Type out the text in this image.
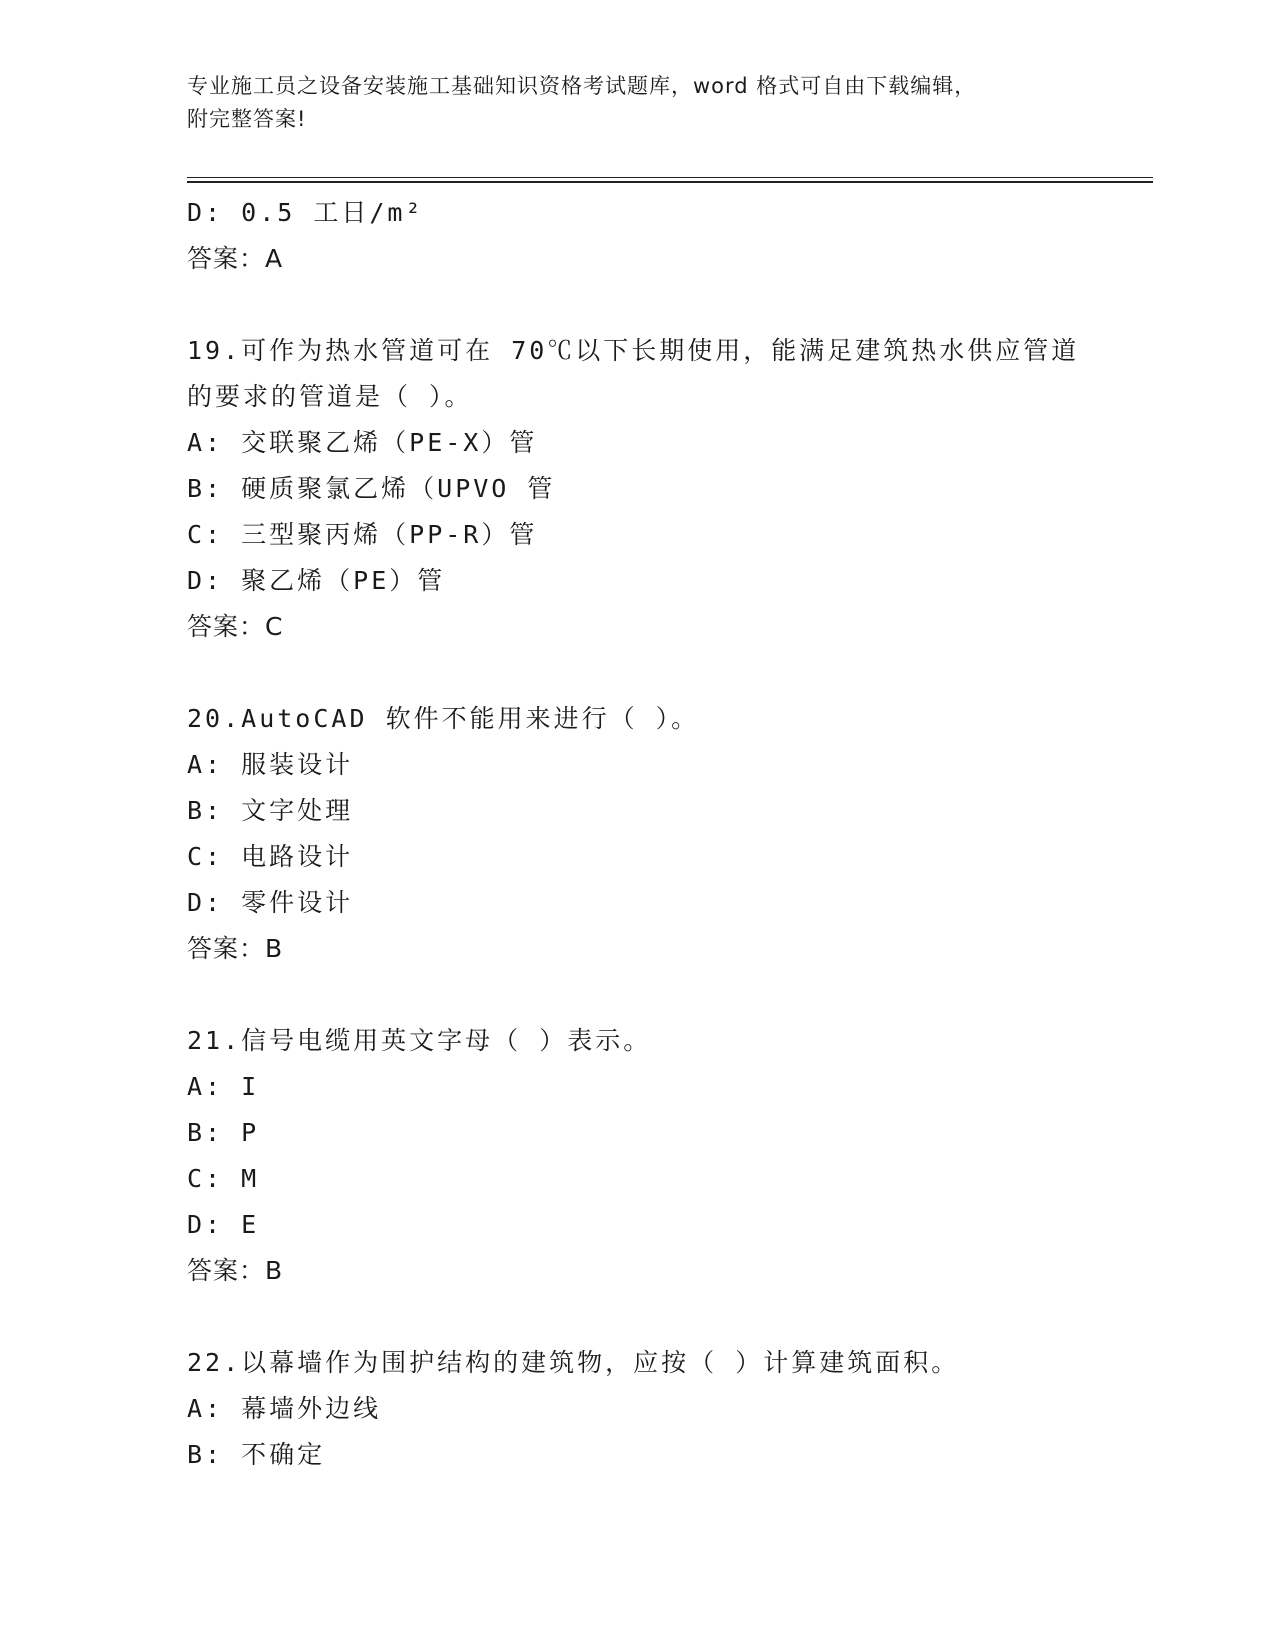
专业施工员之设备安装施工基础知识资格考试题库，word 格式可自由下载编辑，
附完整答案!
D: 0.5 工日/m²
答案：A
19.可作为热水管道可在 70℃以下长期使用，能满足建筑热水供应管道
的要求的管道是（ ）。
A: 交联聚乙烯（PE-X）管
B: 硬质聚氯乙烯（UPVO 管
C: 三型聚丙烯（PP-R）管
D: 聚乙烯（PE）管
答案：C
20.AutoCAD 软件不能用来进行（ ）。
A: 服装设计
B: 文字处理
C: 电路设计
D: 零件设计
答案：B
21.信号电缆用英文字母（ ）表示。
A: I
B: P
C: M
D: E
答案：B
22.以幕墙作为围护结构的建筑物，应按（ ）计算建筑面积。
A: 幕墙外边线
B: 不确定
